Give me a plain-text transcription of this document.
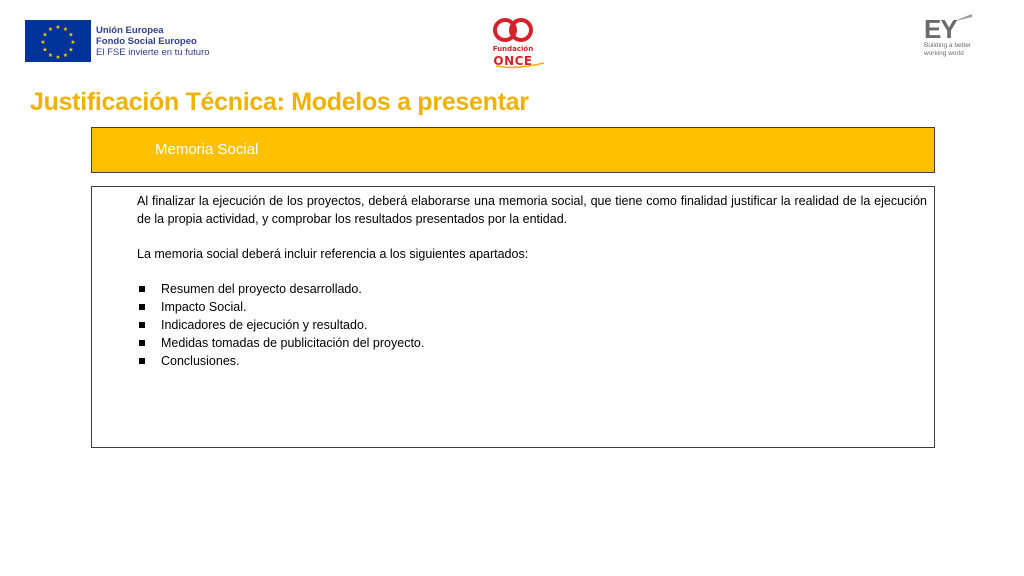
★ ★
★
★
★
★
★
★
★
★
★
★	Unión Europea
Fondo Social Europeo
El FSE invierte en tu futuro	Fundación
ONCE
EY
Building a better
working world
Justificación Técnica: Modelos a presentar
Memoria Social

Al finalizar la ejecución de los proyectos, deberá elaborarse una memoria social, que tiene como finalidad justificar la realidad de la ejecución de la propia actividad, y comprobar los resultados presentados por la entidad.

La memoria social deberá incluir referencia a los siguientes apartados:

Resumen del proyecto desarrollado.
Impacto Social.
Indicadores de ejecución y resultado.
Medidas tomadas de publicitación del proyecto.
Conclusiones.
